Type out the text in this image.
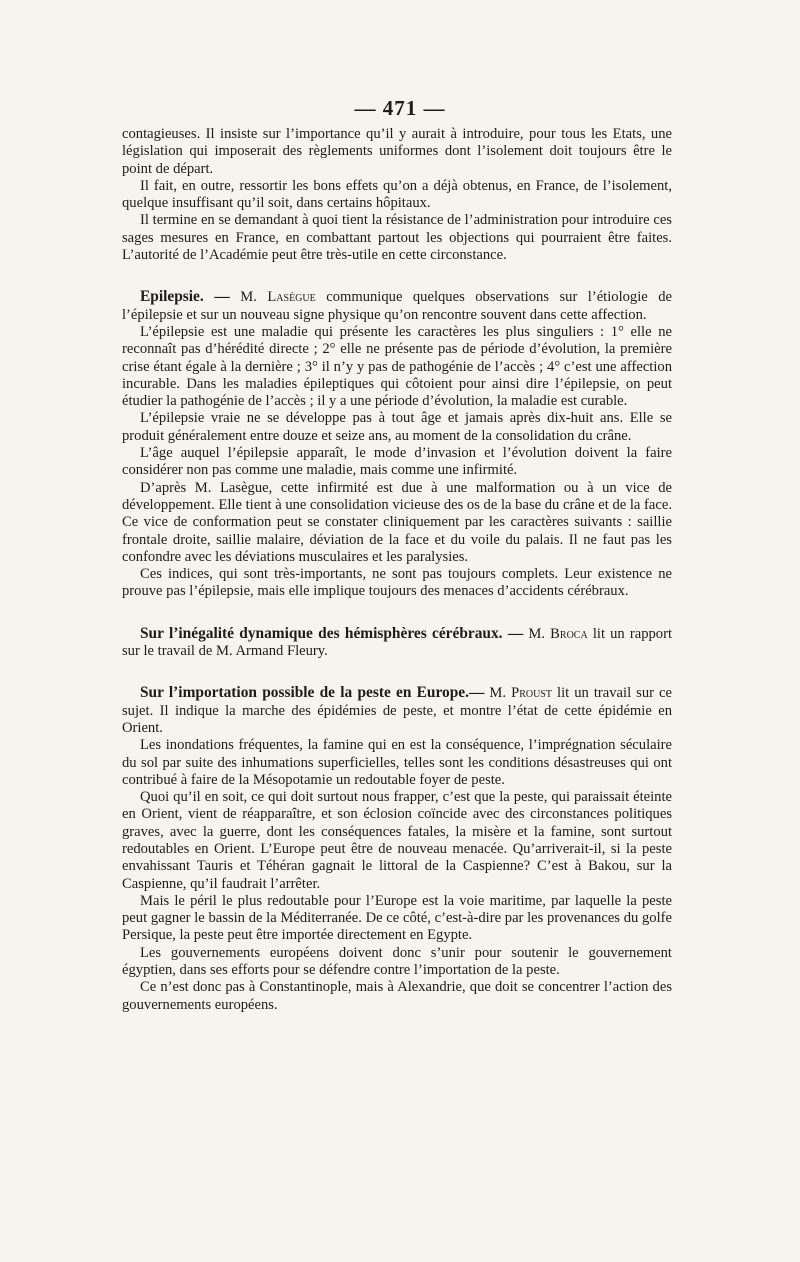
— 471 —

contagieuses. Il insiste sur l’importance qu’il y aurait à introduire, pour tous les Etats, une législation qui imposerait des règlements uniformes dont l’isolement doit toujours être le point de départ.

Il fait, en outre, ressortir les bons effets qu’on a déjà obtenus, en France, de l’isolement, quelque insuffisant qu’il soit, dans certains hôpitaux.

Il termine en se demandant à quoi tient la résistance de l’administration pour introduire ces sages mesures en France, en combattant partout les objections qui pourraient être faites. L’autorité de l’Académie peut être très-utile en cette circonstance.

Epilepsie. — M. Lasègue communique quelques observations sur l’étiologie de l’épilepsie et sur un nouveau signe physique qu’on rencontre souvent dans cette affection.

L’épilepsie est une maladie qui présente les caractères les plus singuliers : 1° elle ne reconnaît pas d’hérédité directe ; 2° elle ne présente pas de période d’évolution, la première crise étant égale à la dernière ; 3° il n’y y pas de pathogénie de l’accès ; 4° c’est une affection incurable. Dans les maladies épileptiques qui côtoient pour ainsi dire l’épilepsie, on peut étudier la pathogénie de l’accès ; il y a une période d’évolution, la maladie est curable.

L’épilepsie vraie ne se développe pas à tout âge et jamais après dix-huit ans. Elle se produit généralement entre douze et seize ans, au moment de la consolidation du crâne.

L’âge auquel l’épilepsie apparaît, le mode d’invasion et l’évolution doivent la faire considérer non pas comme une maladie, mais comme une infirmité.

D’après M. Lasègue, cette infirmité est due à une malformation ou à un vice de développement. Elle tient à une consolidation vicieuse des os de la base du crâne et de la face. Ce vice de conformation peut se constater cliniquement par les caractères suivants : saillie frontale droite, saillie malaire, déviation de la face et du voile du palais. Il ne faut pas les confondre avec les déviations musculaires et les paralysies.

Ces indices, qui sont très-importants, ne sont pas toujours complets. Leur existence ne prouve pas l’épilepsie, mais elle implique toujours des menaces d’accidents cérébraux.

Sur l’inégalité dynamique des hémisphères cérébraux. — M. Broca lit un rapport sur le travail de M. Armand Fleury.

Sur l’importation possible de la peste en Europe.— M. Proust lit un travail sur ce sujet. Il indique la marche des épidémies de peste, et montre l’état de cette épidémie en Orient.

Les inondations fréquentes, la famine qui en est la conséquence, l’imprégnation séculaire du sol par suite des inhumations superficielles, telles sont les conditions désastreuses qui ont contribué à faire de la Mésopotamie un redoutable foyer de peste.

Quoi qu’il en soit, ce qui doit surtout nous frapper, c’est que la peste, qui paraissait éteinte en Orient, vient de réapparaître, et son éclosion coïncide avec des circonstances politiques graves, avec la guerre, dont les conséquences fatales, la misère et la famine, sont surtout redoutables en Orient. L’Europe peut être de nouveau menacée. Qu’arriverait-il, si la peste envahissant Tauris et Téhéran gagnait le littoral de la Caspienne? C’est à Bakou, sur la Caspienne, qu’il faudrait l’arrêter.

Mais le péril le plus redoutable pour l’Europe est la voie maritime, par laquelle la peste peut gagner le bassin de la Méditerranée. De ce côté, c’est-à-dire par les provenances du golfe Persique, la peste peut être importée directement en Egypte.

Les gouvernements européens doivent donc s’unir pour soutenir le gouvernement égyptien, dans ses efforts pour se défendre contre l’importation de la peste.

Ce n’est donc pas à Constantinople, mais à Alexandrie, que doit se concentrer l’action des gouvernements européens.
